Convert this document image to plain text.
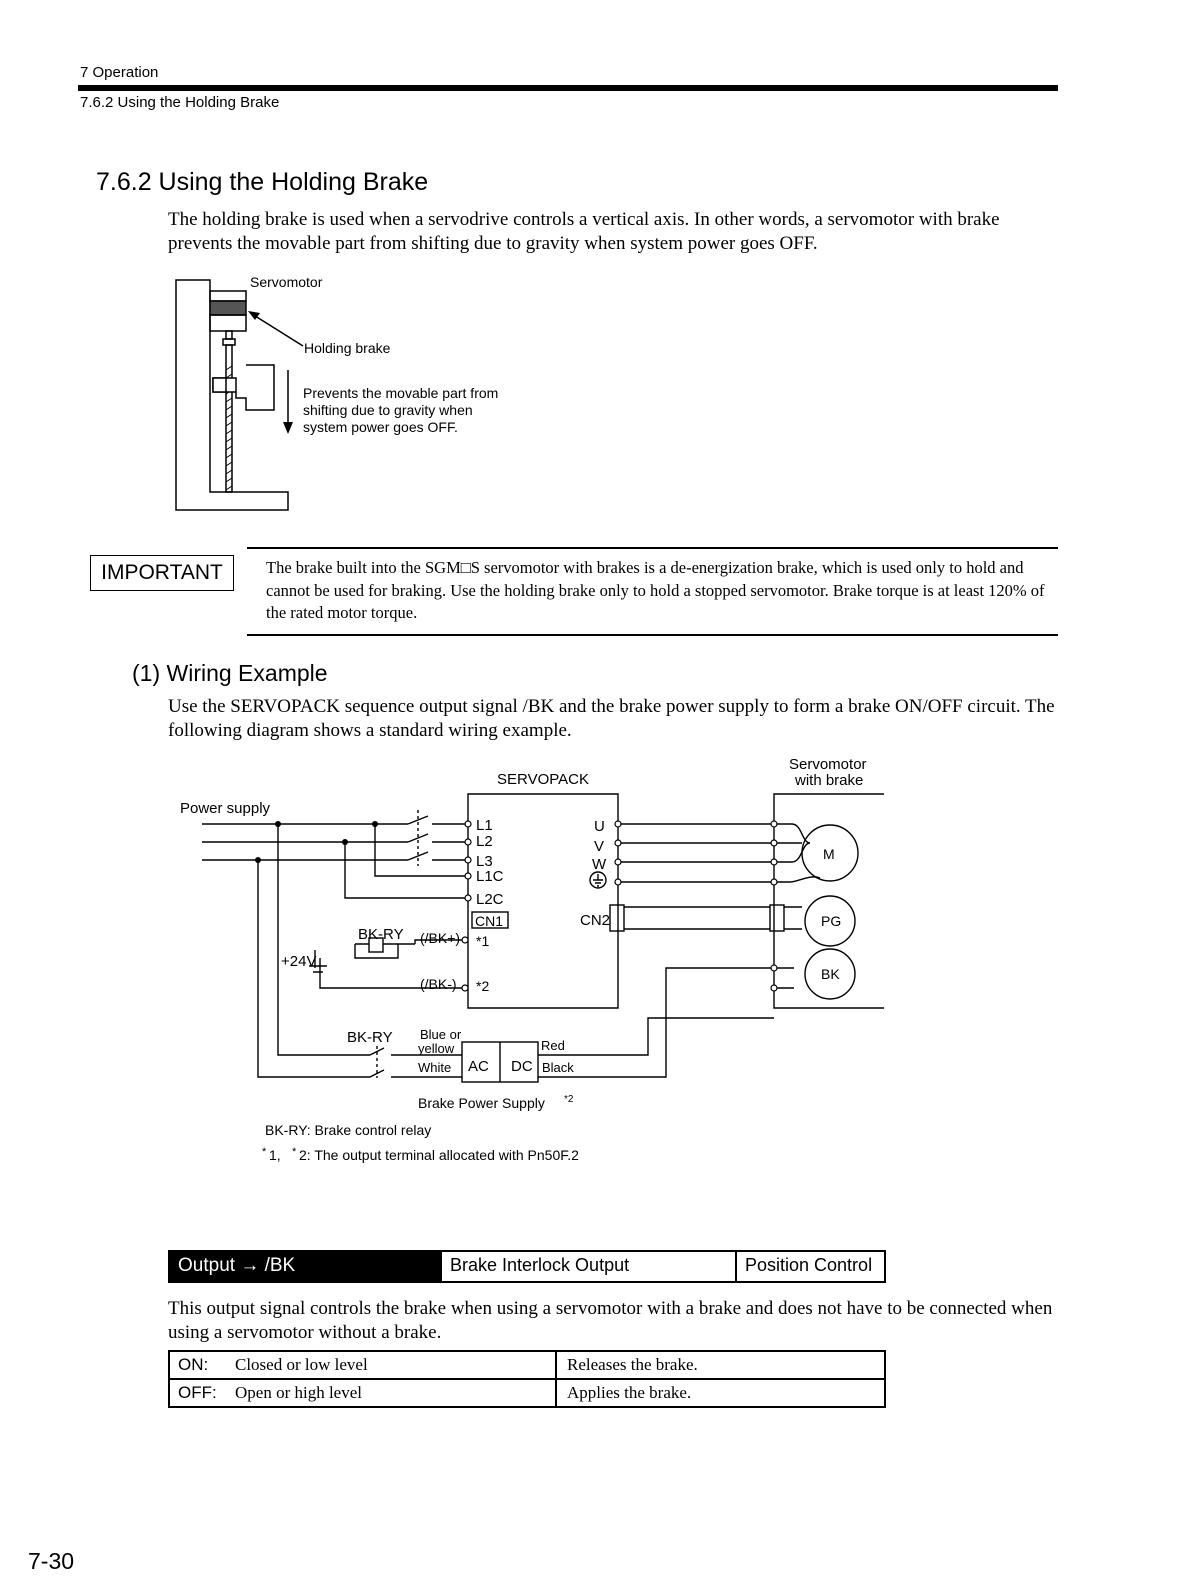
7 Operation
7.6.2 Using the Holding Brake
7.6.2 Using the Holding Brake
The holding brake is used when a servodrive controls a vertical axis. In other words, a servomotor with brake prevents the movable part from shifting due to gravity when system power goes OFF.
Servomotor
Holding brake
Prevents the movable part from
shifting due to gravity when
system power goes OFF.
IMPORTANT	The brake built into the SGM□S servomotor with brakes is a de-energization brake, which is used only to hold and cannot be used for braking. Use the holding brake only to hold a stopped servomotor. Brake torque is at least 120% of the rated motor torque.
(1) Wiring Example
Use the SERVOPACK sequence output signal /BK and the brake power supply to form a brake ON/OFF circuit. The following diagram shows a standard wiring example.
SERVOPACK
Servomotor
with brake
Power supply
L1
L2
L3
L1C
L2C
U
V
W
CN1	CN2
BK-RY
+24V
(/BK+)
(/BK-)
*1
*2
M
PG
BK
BK-RY Blue or
yellow
White AC DC
Red
Black
Brake Power Supply *2
BK-RY: Brake control relay
* 1, * 2: The output terminal allocated with Pn50F.2
Output → /BK	Brake Interlock Output	Position Control
This output signal controls the brake when using a servomotor with a brake and does not have to be connected when using a servomotor without a brake.
ON:	Closed or low level	Releases the brake.
OFF:	Open or high level	Applies the brake.
7-30
